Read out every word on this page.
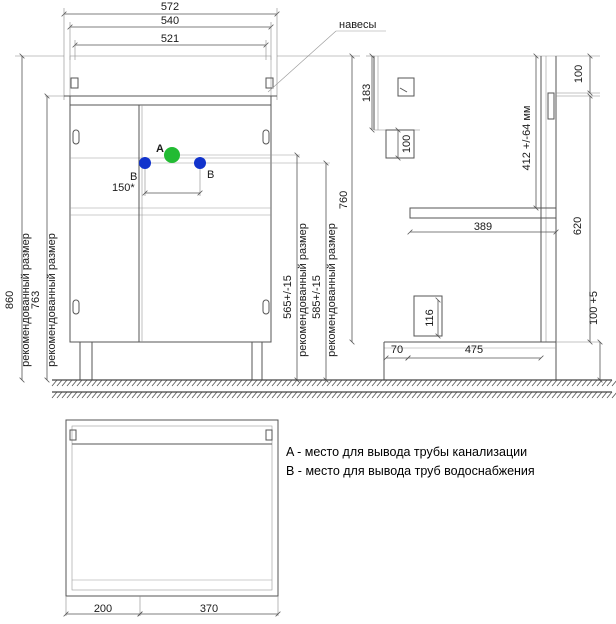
572
540
521
A
B	B
150*
навесы
860 рекомендованный размер
763 рекомендованный размер
760
565+/-15 рекомендованный размер 585+/-15 рекомендованный размер
183
100
100
412 +/-64 мм
389	620
100 +5
116
70	475
200	370
A - место для вывода трубы канализации
B - место для вывода труб водоснабжения
